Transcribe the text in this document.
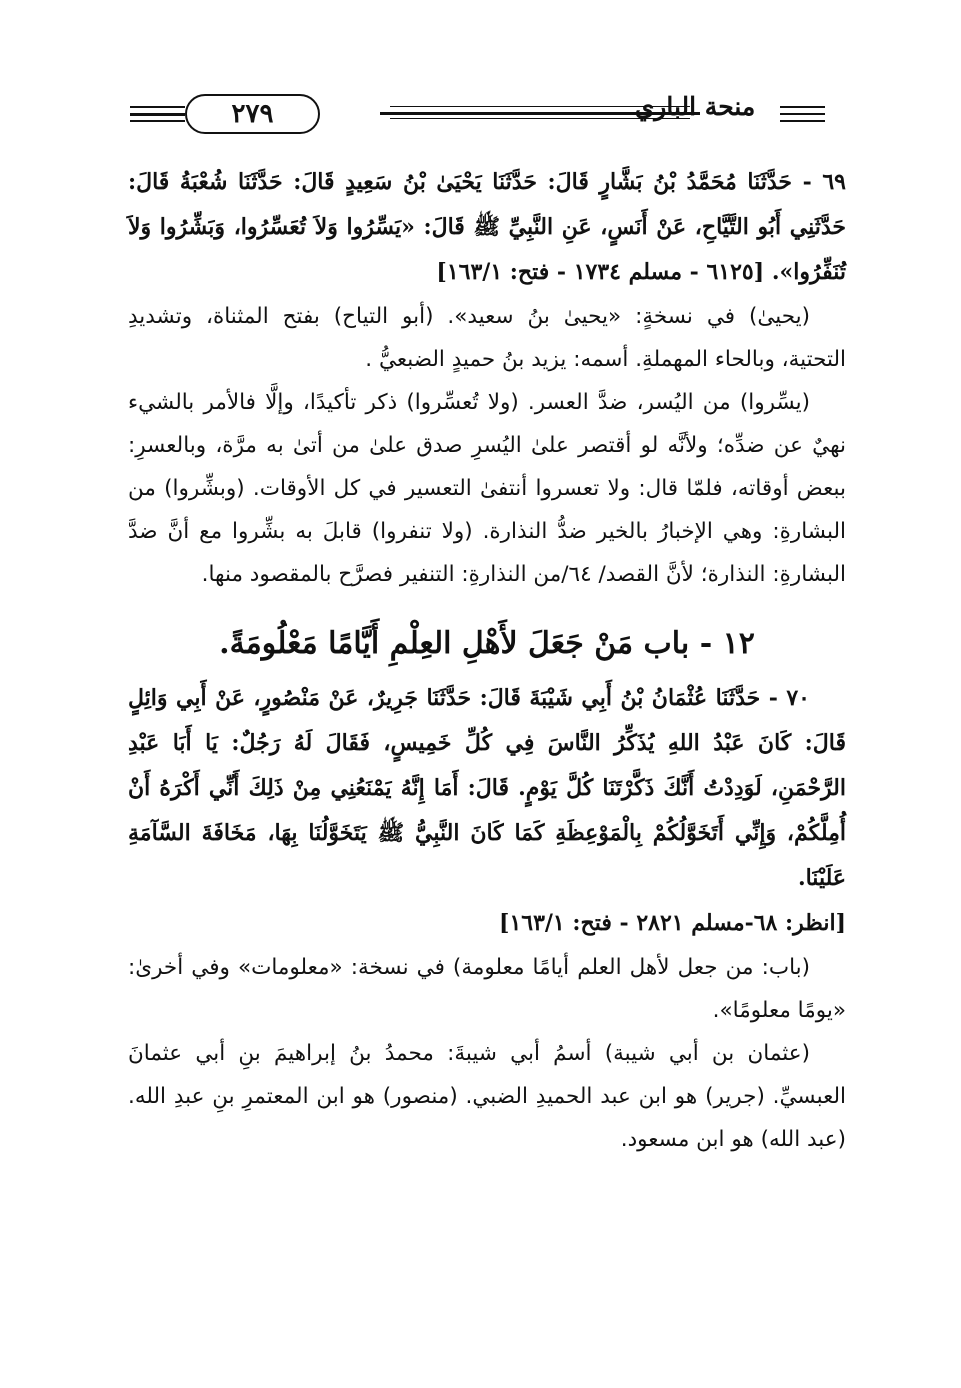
٢٧٩	منحة الباري

٦٩ - حَدَّثَنَا مُحَمَّدُ بْنُ بَشَّارٍ قَالَ: حَدَّثَنَا يَحْيَىٰ بْنُ سَعِيدٍ قَالَ: حَدَّثَنَا شُعْبَةُ قَالَ: حَدَّثَنِي أَبُو التَّيَّاحِ، عَنْ أَنَسٍ، عَنِ النَّبِيِّ ﷺ قَالَ: «يَسِّرُوا وَلاَ تُعَسِّرُوا، وَبَشِّرُوا وَلاَ تُنَفِّرُوا». [٦١٢٥ - مسلم ١٧٣٤ - فتح: ١٦٣/١]

(يحيىٰ) في نسخةٍ: «يحيىٰ بنُ سعيد». (أبو التياح) بفتح المثناة، وتشديدِ التحتية، وبالحاء المهملةِ. أسمه: يزيد بنُ حميدٍ الضبعيُّ .

(يسِّروا) من اليُسر، ضدَّ العسر. (ولا تُعسِّروا) ذكر تأكيدًا، وإلَّا فالأمر بالشيء نهيٌ عن ضدِّه؛ ولأنَّه لو أقتصر علىٰ اليُسرِ صدق علىٰ من أتىٰ به مرَّة، وبالعسرِ: ببعض أوقاته، فلمّا قال: ولا تعسروا أنتفىٰ التعسير في كل الأوقات. (وبشِّروا) من البشارةِ: وهي الإخبارُ بالخير ضدُّ النذارة. (ولا تنفروا) قابلَ به بشِّروا مع أنَّ ضدَّ البشارةِ: النذارة؛ لأنَّ القصد/ ٦٤/من النذارةِ: التنفير فصرَّح بالمقصود منها.

١٢ - باب مَنْ جَعَلَ لأَهْلِ العِلْمِ أَيَّامًا مَعْلُومَةً.

٧٠ - حَدَّثَنَا عُثْمَانُ بْنُ أَبِي شَيْبَةَ قَالَ: حَدَّثَنَا جَرِيرٌ، عَنْ مَنْصُورٍ، عَنْ أَبِي وَائِلٍ قَالَ: كَانَ عَبْدُ اللهِ يُذَكِّرُ النَّاسَ فِي كُلِّ خَمِيسٍ، فَقَالَ لَهُ رَجُلٌ: يَا أَبَا عَبْدِ الرَّحْمَنِ، لَوَدِدْتُ أَنَّكَ ذَكَّرْتَنَا كُلَّ يَوْمٍ. قَالَ: أَمَا إِنَّهُ يَمْنَعُنِي مِنْ ذَلِكَ أَنِّي أَكْرَهُ أَنْ أُمِلَّكُمْ، وَإِنِّي أَتَخَوَّلُكُمْ بِالْمَوْعِظَةِ كَمَا كَانَ النَّبِيُّ ﷺ يَتَخَوَّلُنَا بِهَا، مَخَافَةَ السَّآمَةِ عَلَيْنَا.

[انظر: ٦٨-مسلم ٢٨٢١ - فتح: ١٦٣/١]

(باب: من جعل لأهل العلم أيامًا معلومة) في نسخة: «معلومات» وفي أخرىٰ: «يومًا معلومًا».

(عثمان بن أبي شيبة) أسمُ أبي شيبةَ: محمدُ بنُ إبراهيمَ بنِ أبي عثمانَ العبسيِّ. (جرير) هو ابن عبد الحميدِ الضبي. (منصور) هو ابن المعتمرِ بنِ عبدِ الله. (عبد الله) هو ابن مسعود.
